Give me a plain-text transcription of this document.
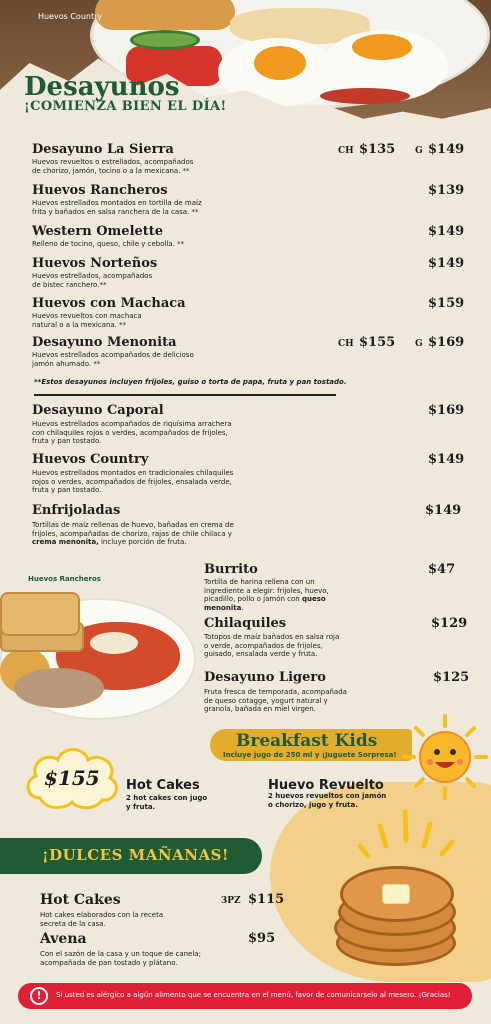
Huevos Country
Desayunos
¡COMIENZA BIEN EL DÍA!
Desayuno La Sierra
Huevos revueltos o estrellados, acompañados
de chorizo, jamón, tocino o a la mexicana. **
CH $135 G $149
Huevos Rancheros
Huevos estrellados montados en tortilla de maíz
frita y bañados en salsa ranchera de la casa. **
$139
Western Omelette
Relleno de tocino, queso, chile y cebolla. **
$149
Huevos Norteños
Huevos estrellados, acompañados
de bistec ranchero.**
$149
Huevos con Machaca
Huevos revueltos con machaca
natural o a la mexicana. **
$159
Desayuno Menonita
Huevos estrellados acompañados de delicioso
jamón ahumado. **
CH $155 G $169
**Estos desayunos incluyen frijoles, guiso o torta de papa, fruta y pan tostado.
Desayuno Caporal
Huevos estrellados acompañados de riquísima arrachera
con chilaquiles rojos o verdes, acompañados de frijoles,
fruta y pan tostado.
$169
Huevos Country
Huevos estrellados montados en tradicionales chilaquiles
rojos o verdes, acompañados de frijoles, ensalada verde,
fruta y pan tostado.
$149
Enfrijoladas
Tortillas de maíz rellenas de huevo, bañadas en crema de
frijoles, acompañadas de chorizo, rajas de chile chilaca y
crema menonita, incluye porción de fruta.
$149
Huevos Rancheros
Burrito
Tortilla de harina rellena con un
ingrediente a elegir: frijoles, huevo,
picadillo, pollo o jamón con queso
menonita.
$47
Chilaquiles
Totopos de maíz bañados en salsa roja
o verde, acompañados de frijoles,
guisado, ensalada verde y fruta.
$129
Desayuno Ligero
Fruta fresca de temporada, acompañada
de queso cotagge, yogurt natural y
granola, bañada en miel virgen.
$125
Breakfast Kids
Incluye jugo de 250 ml y ¡Juguete Sorpresa!
$155 Hot Cakes
2 hot cakes con jugo
y fruta.
Huevo Revuelto
2 huevos revueltos con jamón
o chorizo, jugo y fruta.
¡DULCES MAÑANAS!
Hot Cakes	3PZ $115
Hot cakes elaborados con la receta
secreta de la casa.
Avena	$95
Con el sazón de la casa y un toque de canela;
acompañada de pan tostado y plátano.
!	Si usted es alérgico a algún alimento que se encuentra en el menú, favor de comunicarselo al mesero. ¡Gracias!
